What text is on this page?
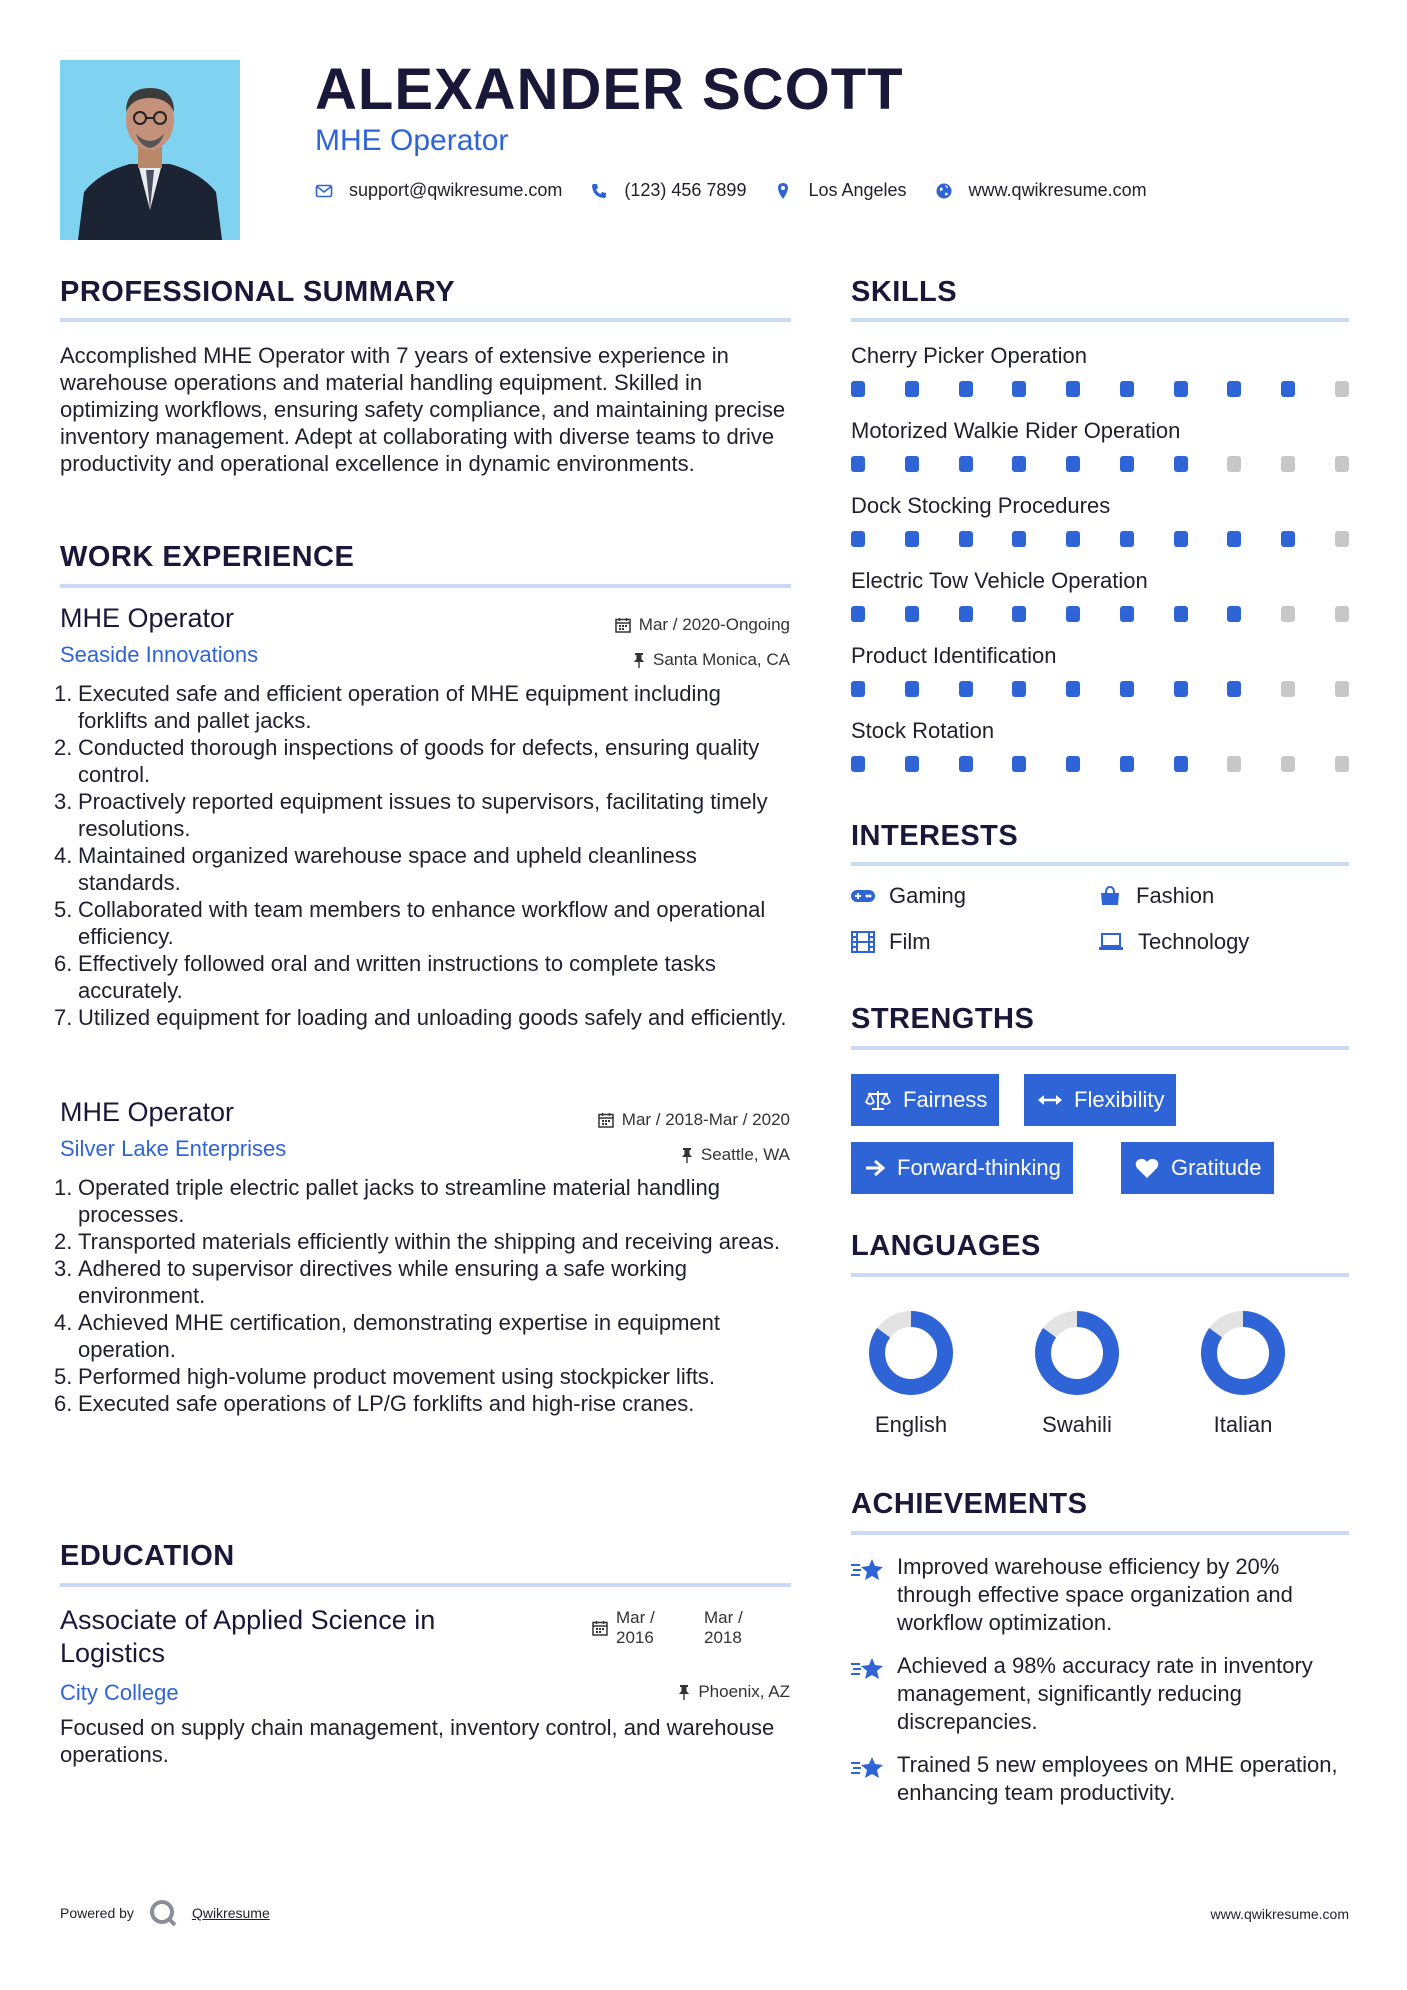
ALEXANDER SCOTT
MHE Operator
support@qwikresume.com	(123) 456 7899	Los Angeles	www.qwikresume.com
PROFESSIONAL SUMMARY
Accomplished MHE Operator with 7 years of extensive experience in warehouse operations and material handling equipment. Skilled in optimizing workflows, ensuring safety compliance, and maintaining precise inventory management. Adept at collaborating with diverse teams to drive productivity and operational excellence in dynamic environments.
WORK EXPERIENCE
MHE Operator
Seaside Innovations
Mar / 2020-Ongoing
Santa Monica, CA
1. Executed safe and efficient operation of MHE equipment including forklifts and pallet jacks.
2. Conducted thorough inspections of goods for defects, ensuring quality control.
3. Proactively reported equipment issues to supervisors, facilitating timely resolutions.
4. Maintained organized warehouse space and upheld cleanliness standards.
5. Collaborated with team members to enhance workflow and operational efficiency.
6. Effectively followed oral and written instructions to complete tasks accurately.
7. Utilized equipment for loading and unloading goods safely and efficiently.
MHE Operator
Silver Lake Enterprises
Mar / 2018-Mar / 2020
Seattle, WA
1. Operated triple electric pallet jacks to streamline material handling processes.
2. Transported materials efficiently within the shipping and receiving areas.
3. Adhered to supervisor directives while ensuring a safe working environment.
4. Achieved MHE certification, demonstrating expertise in equipment operation.
5. Performed high-volume product movement using stockpicker lifts.
6. Executed safe operations of LP/G forklifts and high-rise cranes.
EDUCATION
Associate of Applied Science in Logistics
City College
Mar / 2016
Mar / 2018
Phoenix, AZ
Focused on supply chain management, inventory control, and warehouse operations.
SKILLS
Cherry Picker Operation
Motorized Walkie Rider Operation
Dock Stocking Procedures
Electric Tow Vehicle Operation
Product Identification
Stock Rotation
INTERESTS
Gaming	Fashion
Film	Technology
STRENGTHS
Fairness	Flexibility
Forward-thinking	Gratitude
LANGUAGES
English	Swahili	Italian
ACHIEVEMENTS
Improved warehouse efficiency by 20% through effective space organization and workflow optimization.
Achieved a 98% accuracy rate in inventory management, significantly reducing discrepancies.
Trained 5 new employees on MHE operation, enhancing team productivity.
Powered by	Qwikresume	www.qwikresume.com
